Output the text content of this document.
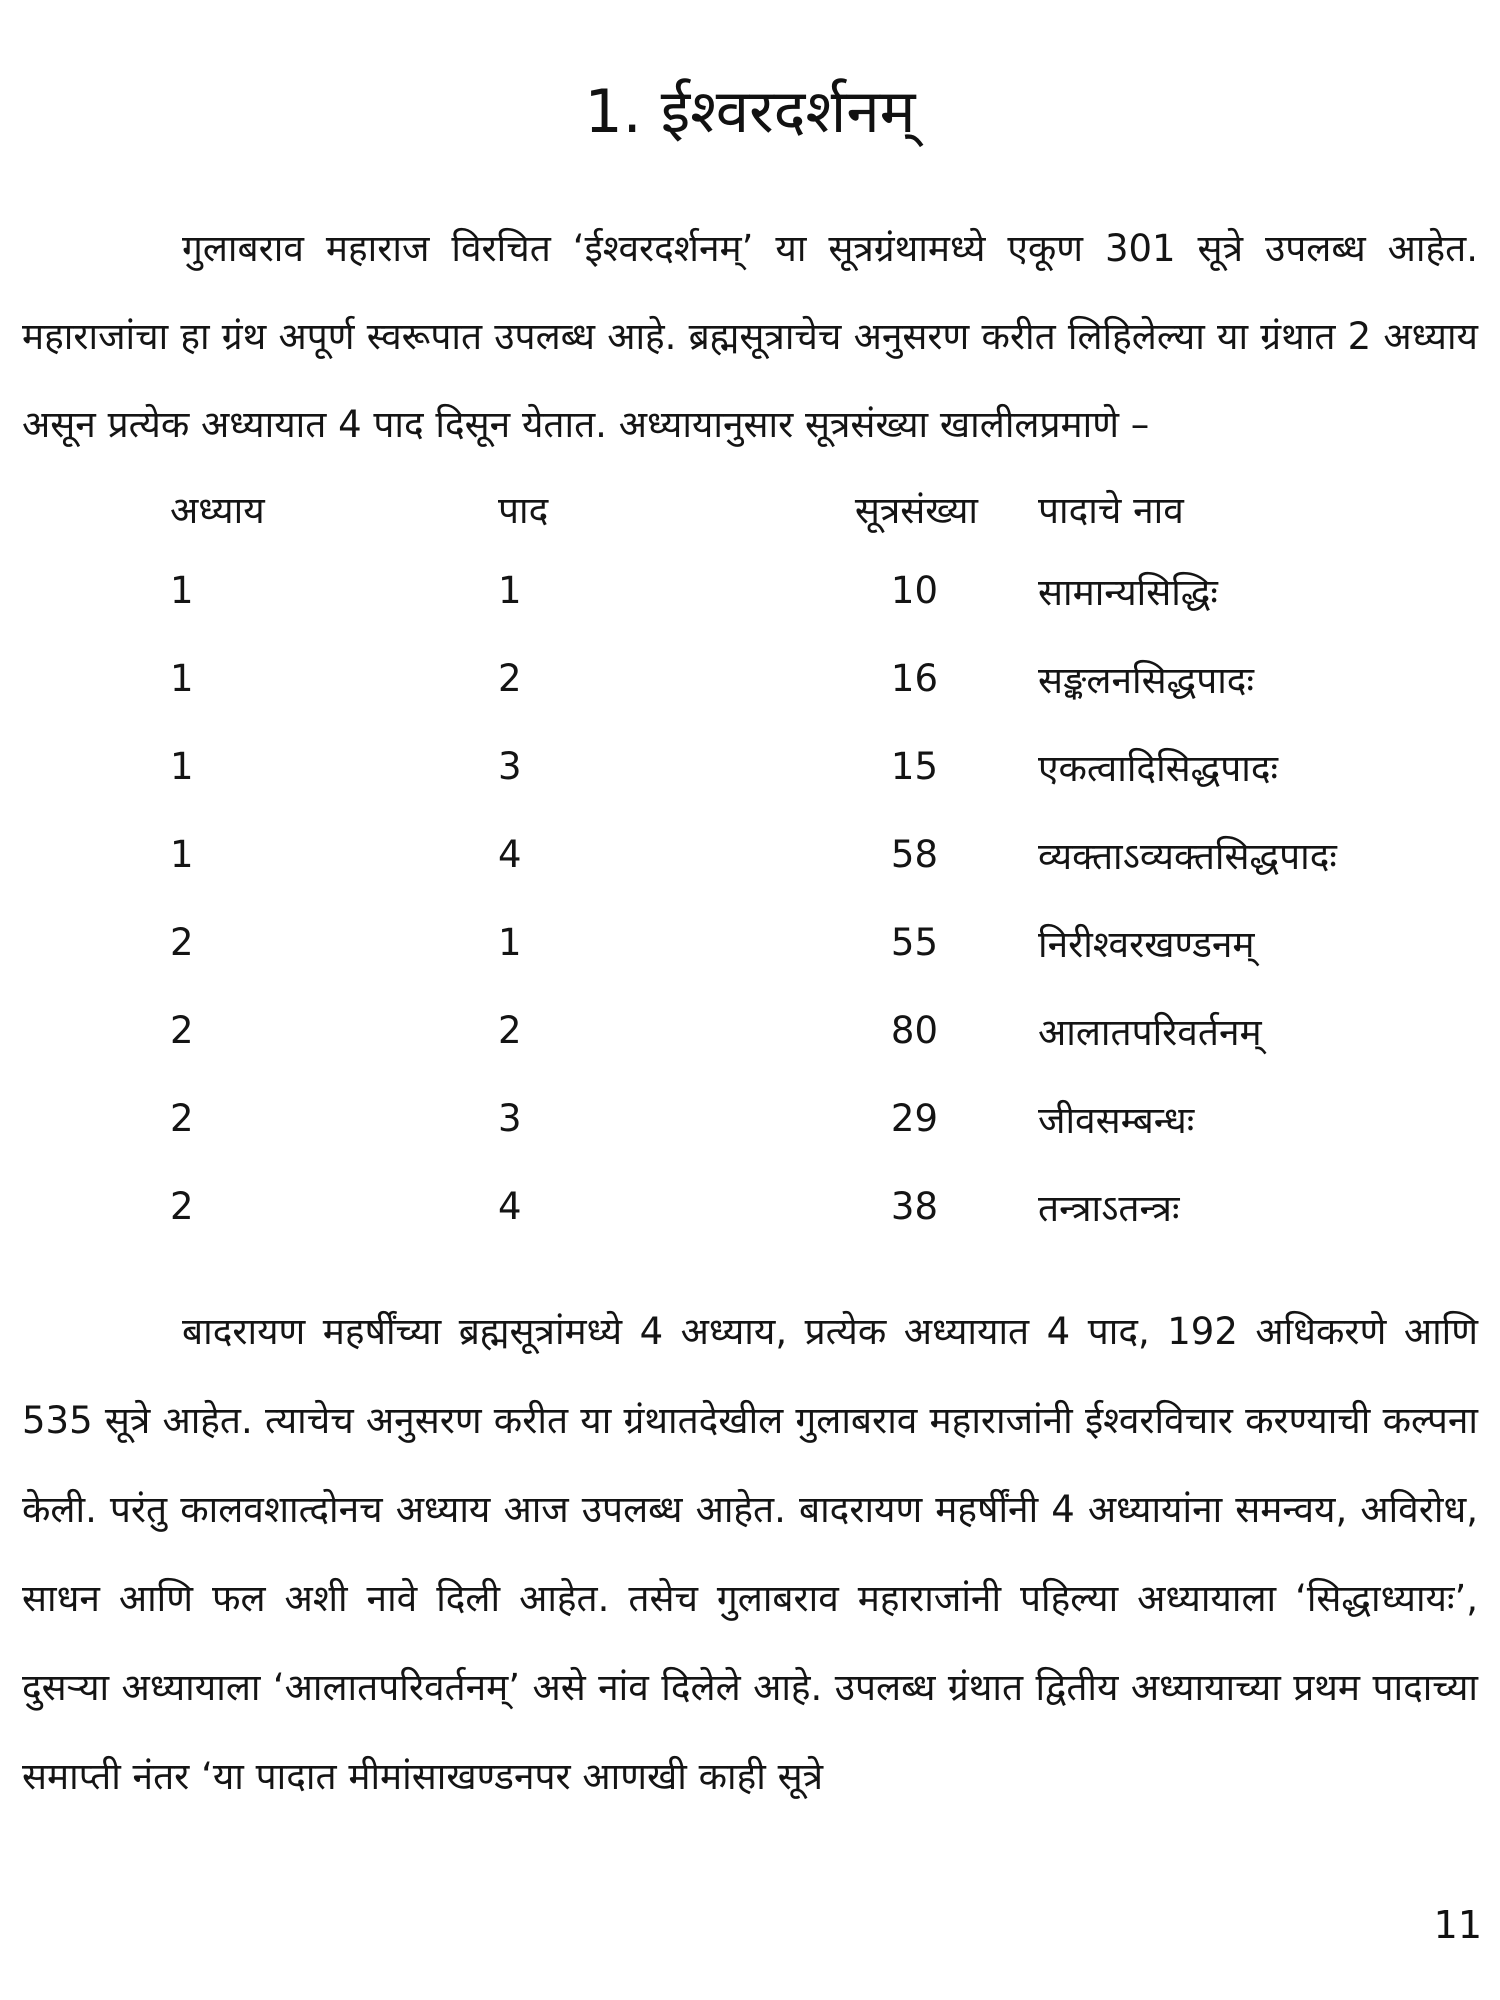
1. ईश्वरदर्शनम्

गुलाबराव महाराज विरचित ‘ईश्वरदर्शनम्’ या सूत्रग्रंथामध्ये एकूण 301 सूत्रे उपलब्ध आहेत. महाराजांचा हा ग्रंथ अपूर्ण स्वरूपात उपलब्ध आहे. ब्रह्मसूत्राचेच अनुसरण करीत लिहिलेल्या या ग्रंथात 2 अध्याय असून प्रत्येक अध्यायात 4 पाद दिसून येतात. अध्यायानुसार सूत्रसंख्या खालीलप्रमाणे –

अध्याय	पाद	सूत्रसंख्या	पादाचे नाव
1	1	10	सामान्यसिद्धिः
1	2	16	सङ्कलनसिद्धपादः
1	3	15	एकत्वादिसिद्धपादः
1	4	58	व्यक्ताऽव्यक्तसिद्धपादः
2	1	55	निरीश्वरखण्डनम्
2	2	80	आलातपरिवर्तनम्
2	3	29	जीवसम्बन्धः
2	4	38	तन्त्राऽतन्त्रः

बादरायण महर्षींच्या ब्रह्मसूत्रांमध्ये 4 अध्याय, प्रत्येक अध्यायात 4 पाद, 192 अधिकरणे आणि 535 सूत्रे आहेत. त्याचेच अनुसरण करीत या ग्रंथातदेखील गुलाबराव महाराजांनी ईश्वरविचार करण्याची कल्पना केली. परंतु कालवशात्दोनच अध्याय आज उपलब्ध आहेत. बादरायण महर्षींनी 4 अध्यायांना समन्वय, अविरोध, साधन आणि फल अशी नावे दिली आहेत. तसेच गुलाबराव महाराजांनी पहिल्या अध्यायाला ‘सिद्धाध्यायः’, दुसऱ्या अध्यायाला ‘आलातपरिवर्तनम्’ असे नांव दिलेले आहे. उपलब्ध ग्रंथात द्वितीय अध्यायाच्या प्रथम पादाच्या समाप्ती नंतर ‘या पादात मीमांसाखण्डनपर आणखी काही सूत्रे

11
